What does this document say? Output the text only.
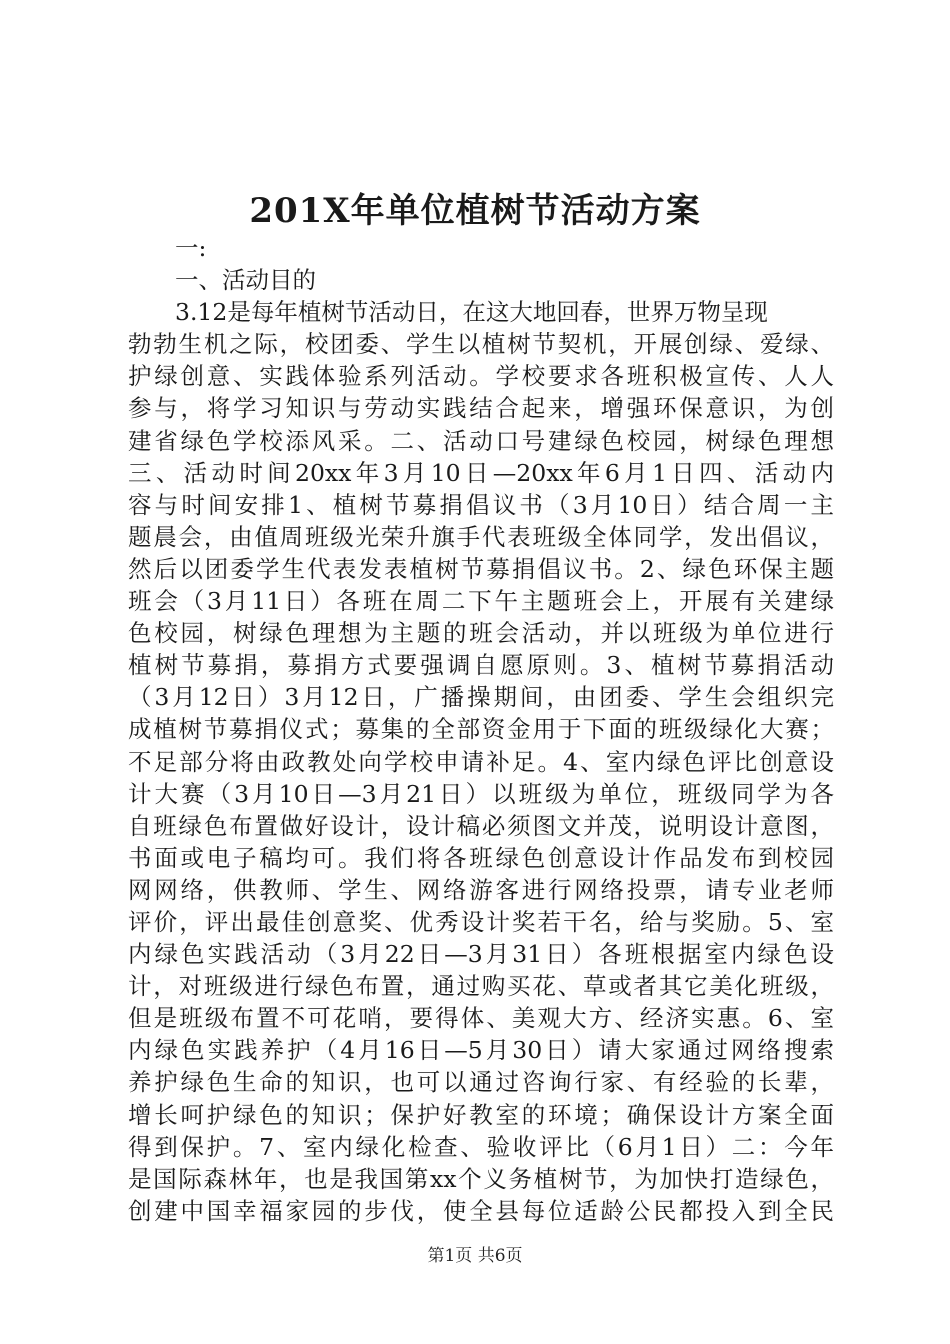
201X年单位植树节活动方案
一:
一、活动目的
3.12是每年植树节活动日，在这大地回春，世界万物呈现
勃勃生机之际，校团委、学生以植树节契机，开展创绿、爱绿、
护绿创意、实践体验系列活动。学校要求各班积极宣传、人人
参与，将学习知识与劳动实践结合起来，增强环保意识，为创
建省绿色学校添风采。二、活动口号建绿色校园，树绿色理想
三、活动时间20xx年3月10日—20xx年6月1日四、活动内
容与时间安排1、植树节募捐倡议书（3月10日）结合周一主
题晨会，由值周班级光荣升旗手代表班级全体同学，发出倡议，
然后以团委学生代表发表植树节募捐倡议书。2、绿色环保主题
班会（3月11日）各班在周二下午主题班会上，开展有关建绿
色校园，树绿色理想为主题的班会活动，并以班级为单位进行
植树节募捐，募捐方式要强调自愿原则。3、植树节募捐活动
（3月12日）3月12日，广播操期间，由团委、学生会组织完
成植树节募捐仪式；募集的全部资金用于下面的班级绿化大赛；
不足部分将由政教处向学校申请补足。4、室内绿色评比创意设
计大赛（3月10日—3月21日）以班级为单位，班级同学为各
自班绿色布置做好设计，设计稿必须图文并茂，说明设计意图，
书面或电子稿均可。我们将各班绿色创意设计作品发布到校园
网网络，供教师、学生、网络游客进行网络投票，请专业老师
评价，评出最佳创意奖、优秀设计奖若干名，给与奖励。5、室
内绿色实践活动（3月22日—3月31日）各班根据室内绿色设
计，对班级进行绿色布置，通过购买花、草或者其它美化班级，
但是班级布置不可花哨，要得体、美观大方、经济实惠。6、室
内绿色实践养护（4月16日—5月30日）请大家通过网络搜索
养护绿色生命的知识，也可以通过咨询行家、有经验的长辈，
增长呵护绿色的知识；保护好教室的环境；确保设计方案全面
得到保护。7、室内绿化检查、验收评比（6月1日）二：今年
是国际森林年，也是我国第xx个义务植树节，为加快打造绿色，
创建中国幸福家园的步伐，使全县每位适龄公民都投入到全民
第1页 共6页
